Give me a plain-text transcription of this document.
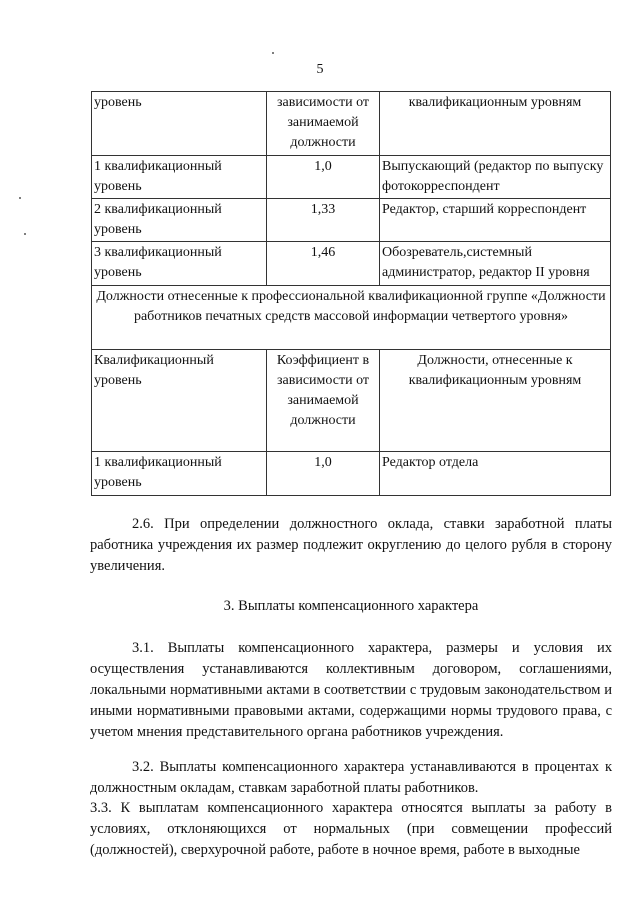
5
уровень	зависимости от занимаемой должности	квалификационным уровням
1 квалификационный уровень	1,0	Выпускающий (редактор по выпуску фотокорреспондент
2 квалификационный уровень	1,33	Редактор, старший корреспондент
3 квалификационный уровень	1,46	Обозреватель,системный администратор, редактор II уровня
Должности отнесенные к профессиональной квалификационной группе «Должности работников печатных средств массовой информации четвертого уровня»		
Квалификационный уровень	Коэффициент в зависимости от занимаемой должности	Должности, отнесенные к квалификационным уровням
1 квалификационный уровень	1,0	Редактор отдела

2.6. При определении должностного оклада, ставки заработной платы работника учреждения их размер подлежит округлению до целого рубля в сторону увеличения.

3. Выплаты компенсационного характера

3.1. Выплаты компенсационного характера, размеры и условия их осуществления устанавливаются коллективным договором, соглашениями, локальными нормативными актами в соответствии с трудовым законодательством и иными нормативными правовыми актами, содержащими нормы трудового права, с учетом мнения представительного органа работников учреждения.

3.2. Выплаты компенсационного характера устанавливаются в процентах к должностным окладам, ставкам заработной платы работников.

3.3. К выплатам компенсационного характера относятся выплаты за работу в условиях, отклоняющихся от нормальных (при совмещении профессий (должностей), сверхурочной работе, работе в ночное время, работе в выходные
